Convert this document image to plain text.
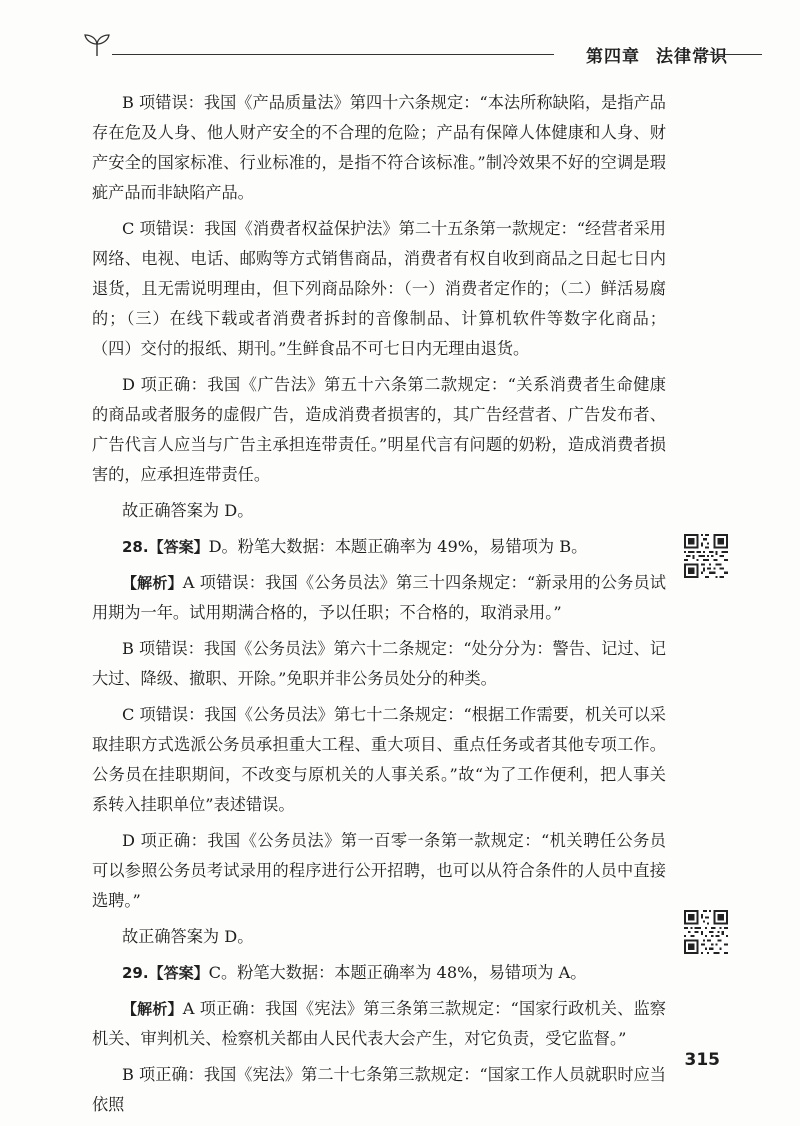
第四章 法律常识

B 项错误：我国《产品质量法》第四十六条规定：“本法所称缺陷，是指产品存在危及人身、他人财产安全的不合理的危险；产品有保障人体健康和人身、财产安全的国家标准、行业标准的，是指不符合该标准。”制冷效果不好的空调是瑕疵产品而非缺陷产品。

C 项错误：我国《消费者权益保护法》第二十五条第一款规定：“经营者采用网络、电视、电话、邮购等方式销售商品，消费者有权自收到商品之日起七日内退货，且无需说明理由，但下列商品除外：（一）消费者定作的；（二）鲜活易腐的；（三）在线下载或者消费者拆封的音像制品、计算机软件等数字化商品；（四）交付的报纸、期刊。”生鲜食品不可七日内无理由退货。

D 项正确：我国《广告法》第五十六条第二款规定：“关系消费者生命健康的商品或者服务的虚假广告，造成消费者损害的，其广告经营者、广告发布者、广告代言人应当与广告主承担连带责任。”明星代言有问题的奶粉，造成消费者损害的，应承担连带责任。

故正确答案为 D。

28.【答案】D。粉笔大数据：本题正确率为 49%，易错项为 B。

【解析】A 项错误：我国《公务员法》第三十四条规定：“新录用的公务员试用期为一年。试用期满合格的，予以任职；不合格的，取消录用。”

B 项错误：我国《公务员法》第六十二条规定：“处分分为：警告、记过、记大过、降级、撤职、开除。”免职并非公务员处分的种类。

C 项错误：我国《公务员法》第七十二条规定：“根据工作需要，机关可以采取挂职方式选派公务员承担重大工程、重大项目、重点任务或者其他专项工作。公务员在挂职期间，不改变与原机关的人事关系。”故“为了工作便利，把人事关系转入挂职单位”表述错误。

D 项正确：我国《公务员法》第一百零一条第一款规定：“机关聘任公务员可以参照公务员考试录用的程序进行公开招聘，也可以从符合条件的人员中直接选聘。”

故正确答案为 D。

29.【答案】C。粉笔大数据：本题正确率为 48%，易错项为 A。

【解析】A 项正确：我国《宪法》第三条第三款规定：“国家行政机关、监察机关、审判机关、检察机关都由人民代表大会产生，对它负责，受它监督。”

B 项正确：我国《宪法》第二十七条第三款规定：“国家工作人员就职时应当依照

315
